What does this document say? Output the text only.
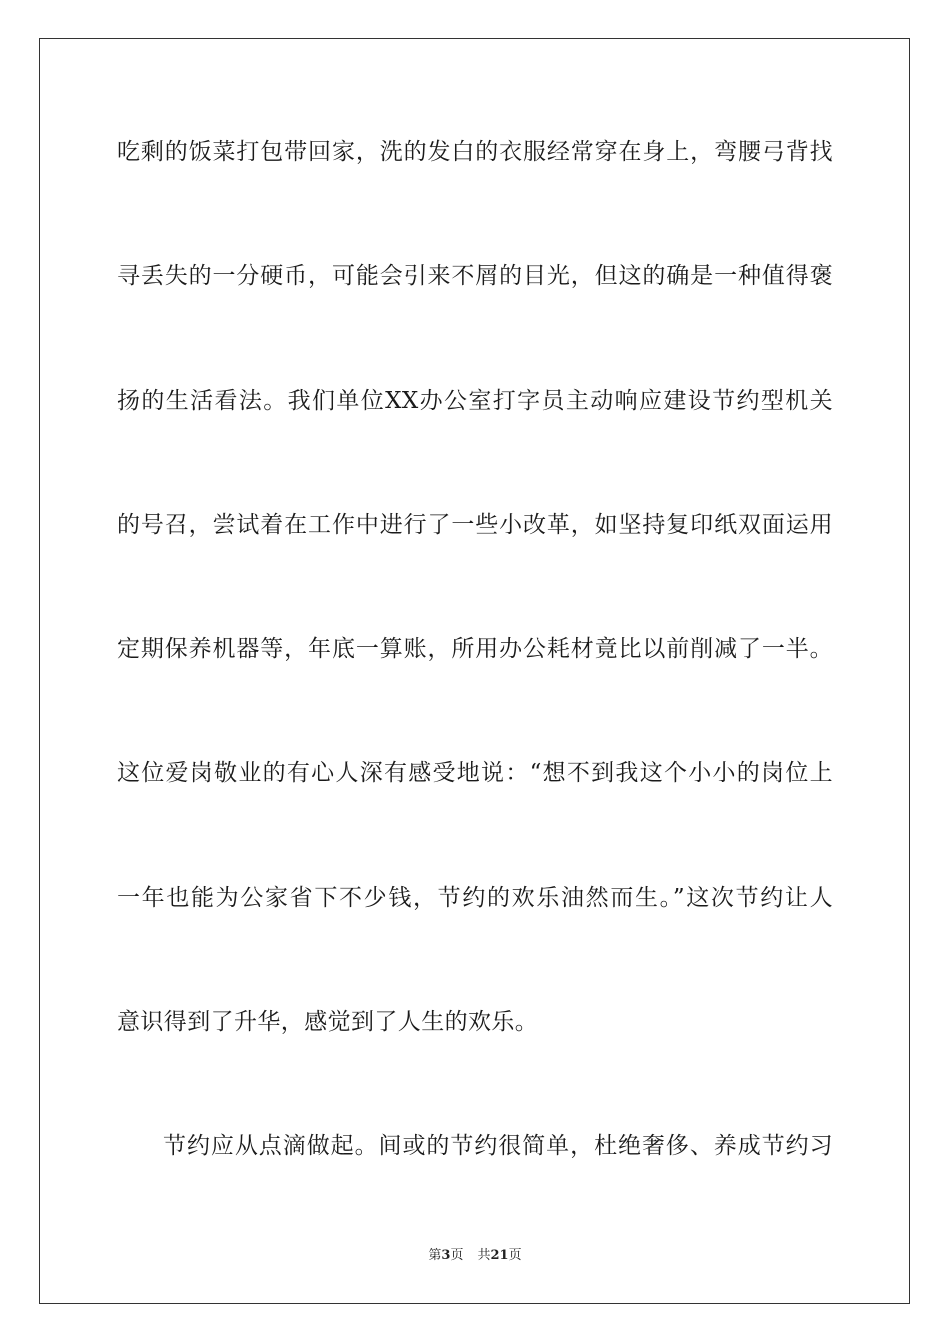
吃剩的饭菜打包带回家，洗的发白的衣服经常穿在身上，弯腰弓背找
寻丢失的一分硬币，可能会引来不屑的目光，但这的确是一种值得褒
扬的生活看法。我们单位XX办公室打字员主动响应建设节约型机关
的号召，尝试着在工作中进行了一些小改革，如坚持复印纸双面运用
定期保养机器等，年底一算账，所用办公耗材竟比以前削减了一半。
这位爱岗敬业的有心人深有感受地说：“想不到我这个小小的岗位上
一年也能为公家省下不少钱，节约的欢乐油然而生。”这次节约让人
意识得到了升华，感觉到了人生的欢乐。
节约应从点滴做起。间或的节约很简单，杜绝奢侈、养成节约习
第3页 共21页
